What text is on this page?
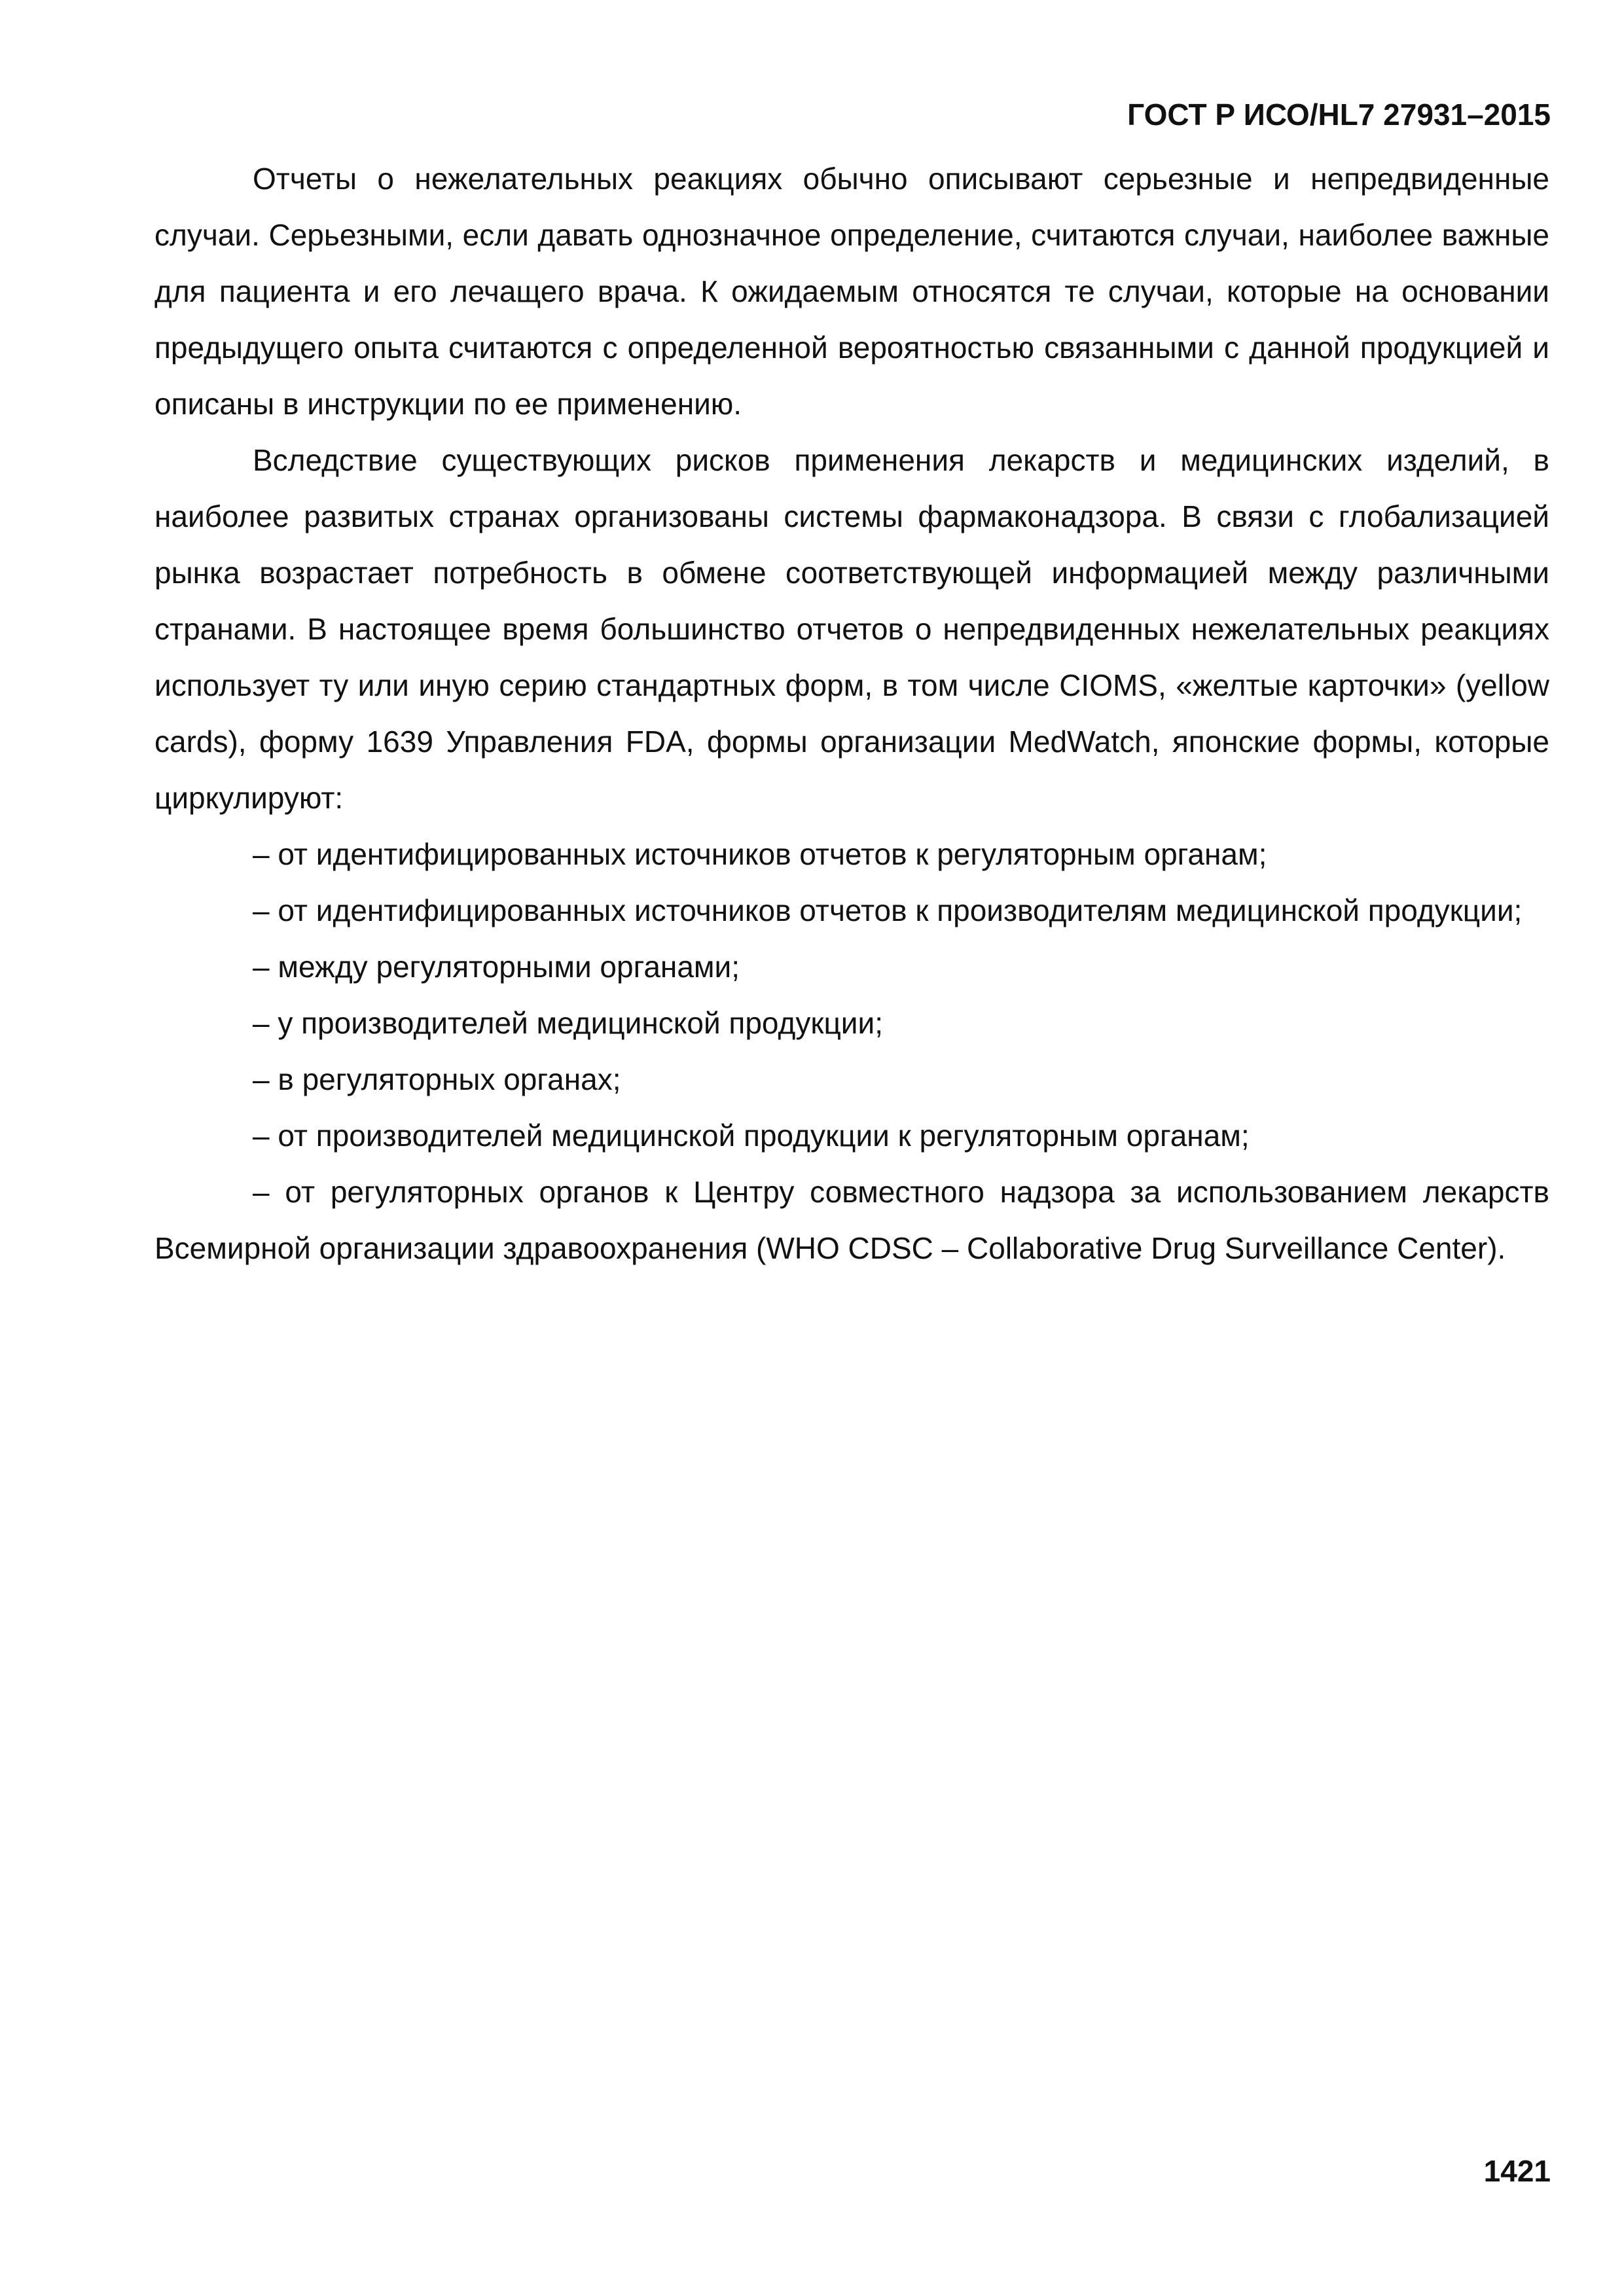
ГОСТ Р ИСО/HL7 27931–2015

Отчеты о нежелательных реакциях обычно описывают серьезные и непредвиденные случаи. Серьезными, если давать однозначное определение, считаются случаи, наиболее важные для пациента и его лечащего врача. К ожидаемым относятся те случаи, которые на основании предыдущего опыта считаются с определенной вероятностью связанными с данной продукцией и описаны в инструкции по ее применению.

Вследствие существующих рисков применения лекарств и медицинских изделий, в наиболее развитых странах организованы системы фармаконадзора. В связи с глобализацией рынка возрастает потребность в обмене соответствующей информацией между различными странами. В настоящее время большинство отчетов о непредвиденных нежелательных реакциях использует ту или иную серию стандартных форм, в том числе CIOMS, «желтые карточки» (yellow cards), форму 1639 Управления FDA, формы организации MedWatch, японские формы, которые циркулируют:

– от идентифицированных источников отчетов к регуляторным органам;

– от идентифицированных источников отчетов к производителям медицинской продукции;

– между регуляторными органами;

– у производителей медицинской продукции;

– в регуляторных органах;

– от производителей медицинской продукции к регуляторным органам;

– от регуляторных органов к Центру совместного надзора за использованием лекарств Всемирной организации здравоохранения (WHO CDSC – Collaborative Drug Surveillance Center).

1421
